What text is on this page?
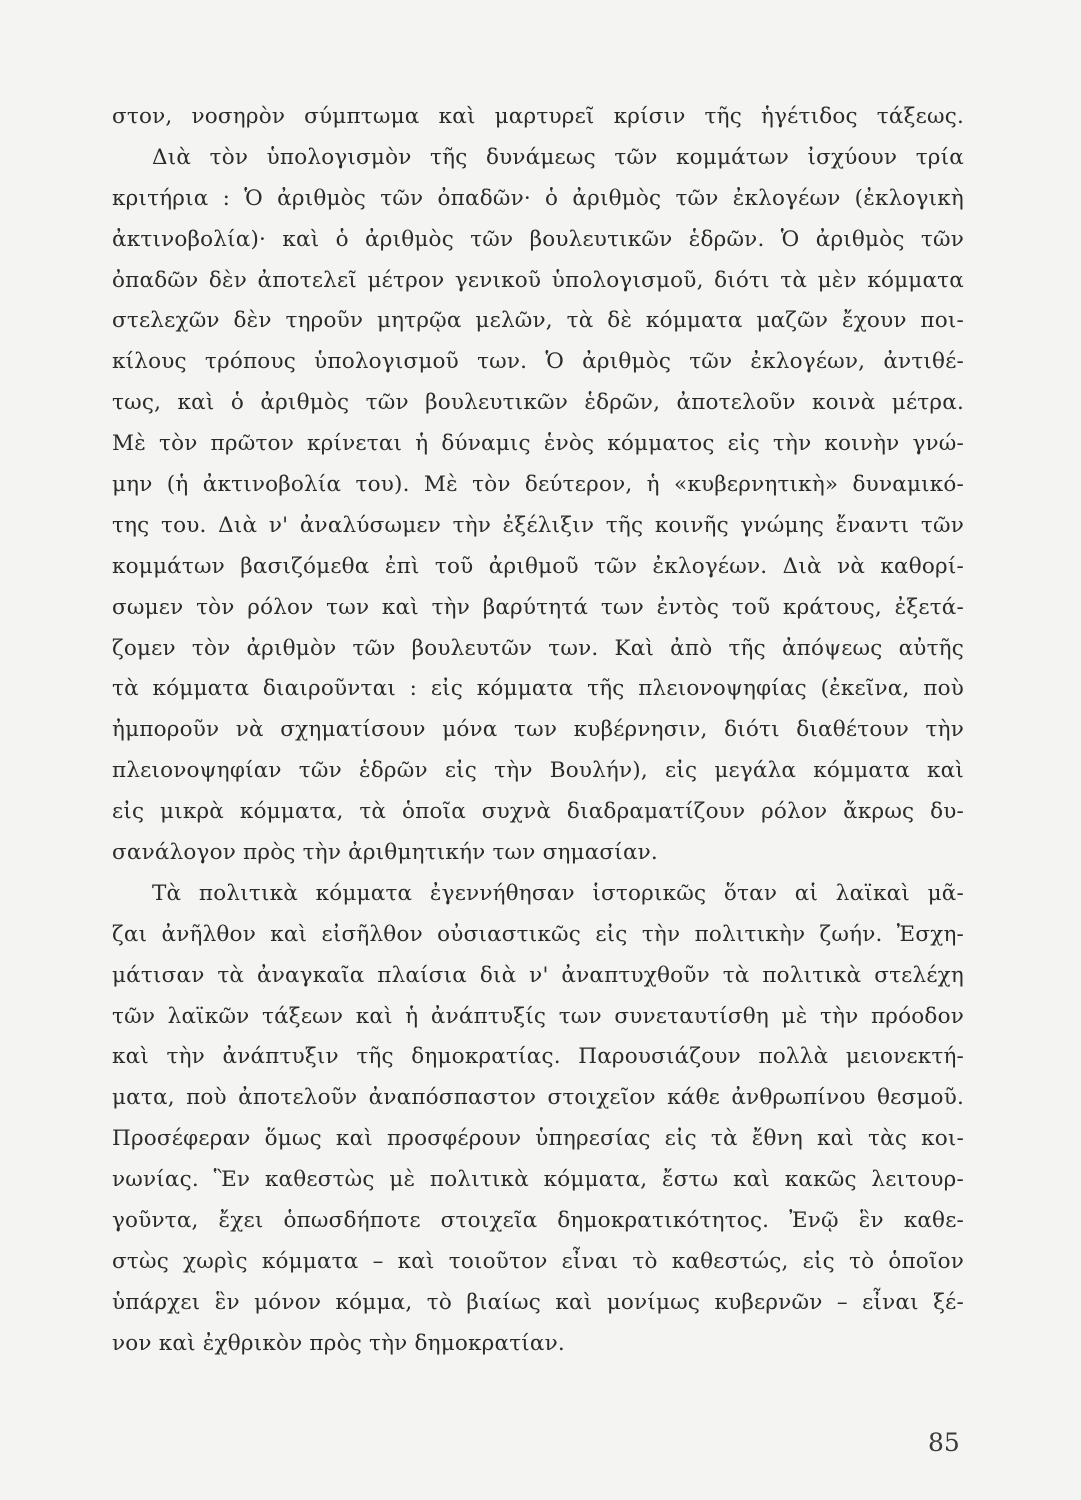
στον, νοσηρὸν σύμπτωμα καὶ μαρτυρεῖ κρίσιν τῆς ἡγέτιδος τάξεως.
Διὰ τὸν ὑπολογισμὸν τῆς δυνάμεως τῶν κομμάτων ἰσχύουν τρία
κριτήρια : Ὁ ἀριθμὸς τῶν ὀπαδῶν· ὁ ἀριθμὸς τῶν ἐκλογέων (ἐκλογικὴ
ἀκτινοβολία)· καὶ ὁ ἀριθμὸς τῶν βουλευτικῶν ἑδρῶν. Ὁ ἀριθμὸς τῶν
ὀπαδῶν δὲν ἀποτελεῖ μέτρον γενικοῦ ὑπολογισμοῦ, διότι τὰ μὲν κόμματα
στελεχῶν δὲν τηροῦν μητρῷα μελῶν, τὰ δὲ κόμματα μαζῶν ἔχουν ποι-
κίλους τρόπους ὑπολογισμοῦ των. Ὁ ἀριθμὸς τῶν ἐκλογέων, ἀντιθέ-
τως, καὶ ὁ ἀριθμὸς τῶν βουλευτικῶν ἑδρῶν, ἀποτελοῦν κοινὰ μέτρα.
Μὲ τὸν πρῶτον κρίνεται ἡ δύναμις ἑνὸς κόμματος εἰς τὴν κοινὴν γνώ-
μην (ἡ ἀκτινοβολία του). Μὲ τὸν δεύτερον, ἡ «κυβερνητικὴ» δυναμικό-
της του. Διὰ ν' ἀναλύσωμεν τὴν ἐξέλιξιν τῆς κοινῆς γνώμης ἔναντι τῶν
κομμάτων βασιζόμεθα ἐπὶ τοῦ ἀριθμοῦ τῶν ἐκλογέων. Διὰ νὰ καθορί-
σωμεν τὸν ρόλον των καὶ τὴν βαρύτητά των ἐντὸς τοῦ κράτους, ἐξετά-
ζομεν τὸν ἀριθμὸν τῶν βουλευτῶν των. Καὶ ἀπὸ τῆς ἀπόψεως αὐτῆς
τὰ κόμματα διαιροῦνται : εἰς κόμματα τῆς πλειονοψηφίας (ἐκεῖνα, ποὺ
ἠμποροῦν νὰ σχηματίσουν μόνα των κυβέρνησιν, διότι διαθέτουν τὴν
πλειονοψηφίαν τῶν ἑδρῶν εἰς τὴν Βουλήν), εἰς μεγάλα κόμματα καὶ
εἰς μικρὰ κόμματα, τὰ ὁποῖα συχνὰ διαδραματίζουν ρόλον ἄκρως δυ-
σανάλογον πρὸς τὴν ἀριθμητικήν των σημασίαν.
Τὰ πολιτικὰ κόμματα ἐγεννήθησαν ἱστορικῶς ὅταν αἱ λαϊκαὶ μᾶ-
ζαι ἀνῆλθον καὶ εἰσῆλθον οὐσιαστικῶς εἰς τὴν πολιτικὴν ζωήν. Ἐσχη-
μάτισαν τὰ ἀναγκαῖα πλαίσια διὰ ν' ἀναπτυχθοῦν τὰ πολιτικὰ στελέχη
τῶν λαϊκῶν τάξεων καὶ ἡ ἀνάπτυξίς των συνεταυτίσθη μὲ τὴν πρόοδον
καὶ τὴν ἀνάπτυξιν τῆς δημοκρατίας. Παρουσιάζουν πολλὰ μειονεκτή-
ματα, ποὺ ἀποτελοῦν ἀναπόσπαστον στοιχεῖον κάθε ἀνθρωπίνου θεσμοῦ.
Προσέφεραν ὅμως καὶ προσφέρουν ὑπηρεσίας εἰς τὰ ἔθνη καὶ τὰς κοι-
νωνίας. Ἓν καθεστὼς μὲ πολιτικὰ κόμματα, ἔστω καὶ κακῶς λειτουρ-
γοῦντα, ἔχει ὁπωσδήποτε στοιχεῖα δημοκρατικότητος. Ἐνῷ ἓν καθε-
στὼς χωρὶς κόμματα – καὶ τοιοῦτον εἶναι τὸ καθεστώς, εἰς τὸ ὁποῖον
ὑπάρχει ἓν μόνον κόμμα, τὸ βιαίως καὶ μονίμως κυβερνῶν – εἶναι ξέ-
νον καὶ ἐχθρικὸν πρὸς τὴν δημοκρατίαν.
85
